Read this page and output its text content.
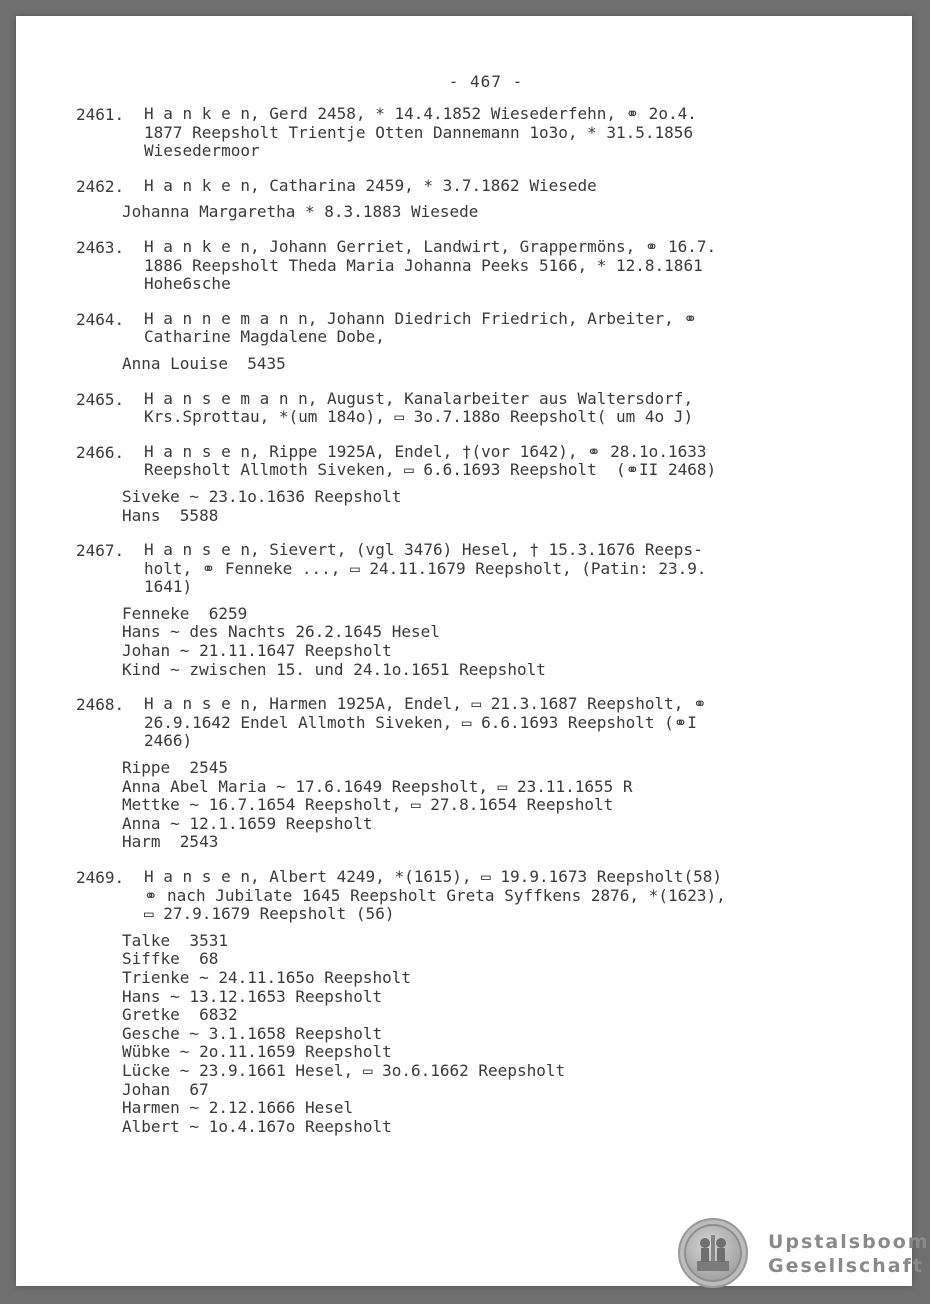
- 467 -
2461.	H a n k e n, Gerd 2458, * 14.4.1852 Wiesederfehn, ⚭ 2o.4.
1877 Reepsholt Trientje Otten Dannemann 1o3o, * 31.5.1856
Wiesedermoor
2462.	H a n k e n, Catharina 2459, * 3.7.1862 Wiesede
Johanna Margaretha * 8.3.1883 Wiesede
2463.	H a n k e n, Johann Gerriet, Landwirt, Grappermöns, ⚭ 16.7.
1886 Reepsholt Theda Maria Johanna Peeks 5166, * 12.8.1861
Hohe6sche
2464.	H a n n e m a n n, Johann Diedrich Friedrich, Arbeiter, ⚭
Catharine Magdalene Dobe,
Anna Louise  5435
2465.	H a n s e m a n n, August, Kanalarbeiter aus Waltersdorf,
Krs.Sprottau, *(um 184o), ▭ 3o.7.188o Reepsholt( um 4o J)
2466.	H a n s e n, Rippe 1925A, Endel, †(vor 1642), ⚭ 28.1o.1633
Reepsholt Allmoth Siveken, ▭ 6.6.1693 Reepsholt  (⚭II 2468)
Siveke ~ 23.1o.1636 Reepsholt
Hans  5588
2467.	H a n s e n, Sievert, (vgl 3476) Hesel, † 15.3.1676 Reeps-
holt, ⚭ Fenneke ..., ▭ 24.11.1679 Reepsholt, (Patin: 23.9.
1641)
Fenneke  6259
Hans ~ des Nachts 26.2.1645 Hesel
Johan ~ 21.11.1647 Reepsholt
Kind ~ zwischen 15. und 24.1o.1651 Reepsholt
2468.	H a n s e n, Harmen 1925A, Endel, ▭ 21.3.1687 Reepsholt, ⚭
26.9.1642 Endel Allmoth Siveken, ▭ 6.6.1693 Reepsholt (⚭I
2466)
Rippe  2545
Anna Abel Maria ~ 17.6.1649 Reepsholt, ▭ 23.11.1655 R
Mettke ~ 16.7.1654 Reepsholt, ▭ 27.8.1654 Reepsholt
Anna ~ 12.1.1659 Reepsholt
Harm  2543
2469.	H a n s e n, Albert 4249, *(1615), ▭ 19.9.1673 Reepsholt(58)
⚭ nach Jubilate 1645 Reepsholt Greta Syffkens 2876, *(1623),
▭ 27.9.1679 Reepsholt (56)
Talke  3531
Siffke  68
Trienke ~ 24.11.165o Reepsholt
Hans ~ 13.12.1653 Reepsholt
Gretke  6832
Gesche ~ 3.1.1658 Reepsholt
Wübke ~ 2o.11.1659 Reepsholt
Lücke ~ 23.9.1661 Hesel, ▭ 3o.6.1662 Reepsholt
Johan  67
Harmen ~ 2.12.1666 Hesel
Albert ~ 1o.4.167o Reepsholt
Upstalsboom
Gesellschaft
